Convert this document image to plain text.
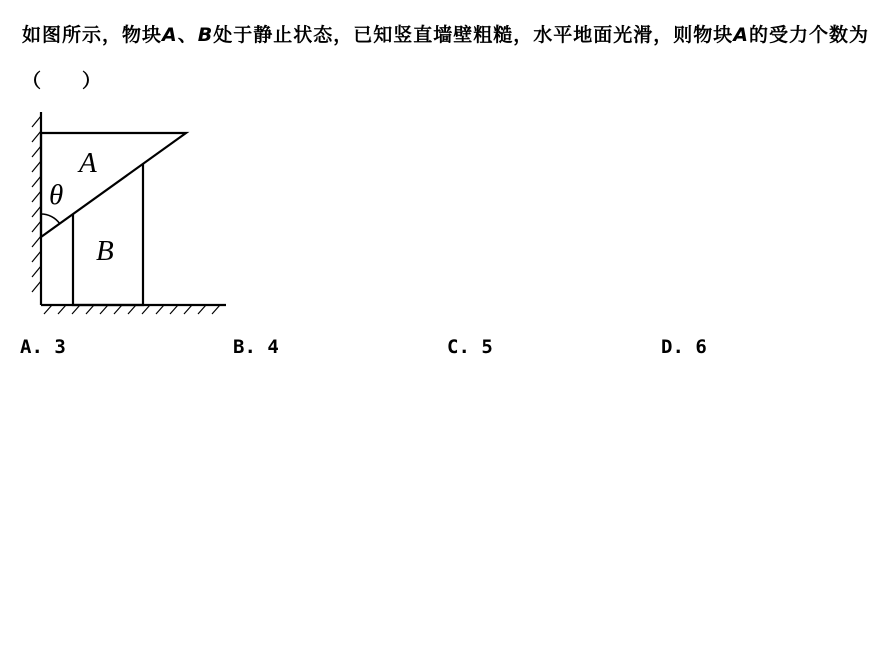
如图所示，物块A、B处于静止状态，已知竖直墙壁粗糙，水平地面光滑，则物块A的受力个数为（　　）
A
θ
B
A. 3	B. 4	C. 5	D. 6
